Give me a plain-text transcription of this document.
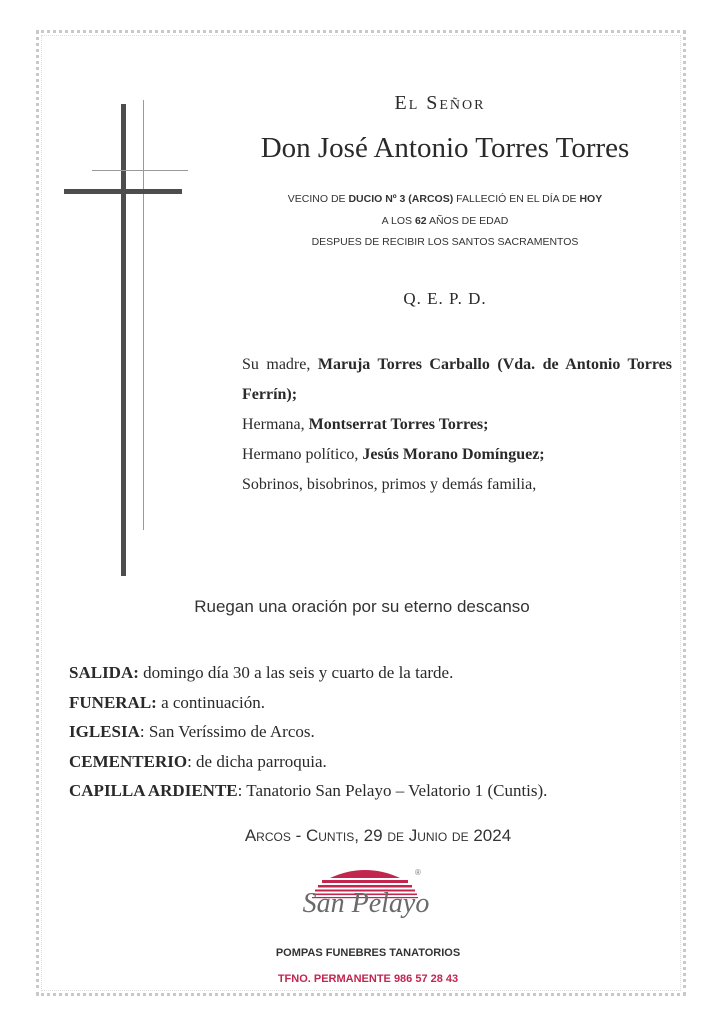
El Señor
Don José Antonio Torres Torres
VECINO DE DUCIO Nº 3 (ARCOS) FALLECIÓ EN EL DÍA DE HOY
A LOS 62 AÑOS DE EDAD
DESPUES DE RECIBIR LOS SANTOS SACRAMENTOS
Q. E. P. D.

Su madre, Maruja Torres Carballo (Vda. de Antonio Torres Ferrín);

Hermana, Montserrat Torres Torres;

Hermano político, Jesús Morano Domínguez;

Sobrinos, bisobrinos, primos y demás familia,

Ruegan una oración por su eterno descanso

SALIDA: domingo día 30 a las seis y cuarto de la tarde.

FUNERAL: a continuación.

IGLESIA: San Veríssimo de Arcos.

CEMENTERIO: de dicha parroquia.

CAPILLA ARDIENTE: Tanatorio San Pelayo – Velatorio 1 (Cuntis).

Arcos - Cuntis, 29 de Junio de 2024
San Pelayo
®
POMPAS FUNEBRES TANATORIOS
TFNO. PERMANENTE 986 57 28 43
